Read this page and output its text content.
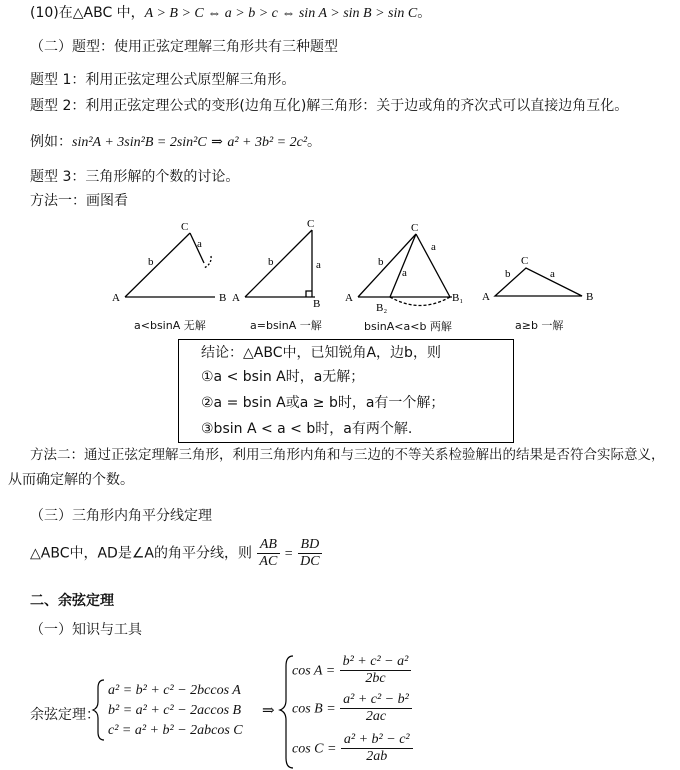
(10)在△ABC 中，A > B > C ⇔ a > b > c ⇔ sin A > sin B > sin C。
（二）题型：使用正弦定理解三角形共有三种题型
题型 1：利用正弦定理公式原型解三角形。
题型 2：利用正弦定理公式的变形(边角互化)解三角形：关于边或角的齐次式可以直接边角互化。
例如：sin²A + 3sin²B = 2sin²C ⇒ a² + 3b² = 2c²。
题型 3：三角形解的个数的讨论。
方法一：画图看
A	B
C
b
a
A	B
C
b	a
A
C
b
a
a
B₂
B₁ A	B
C
b	a
a<bsinA 无解	a=bsinA 一解	bsinA<a<b 两解	a≥b 一解
结论：△ABC中，已知锐角A，边b，则
①a < bsin A时，a无解；
②a = bsin A或a ≥ b时，a有一个解；
③bsin A < a < b时，a有两个解.
方法二：通过正弦定理解三角形，利用三角形内角和与三边的不等关系检验解出的结果是否符合实际意义，
从而确定解的个数。
（三）三角形内角平分线定理
△ABC中，AD是∠A的角平分线，则 $\frac{AB}{AC} = \frac{BD}{DC}$
二、余弦定理
（一）知识与工具
余弦定理：
a² = b² + c² − 2bccos A
b² = a² + c² − 2accos B
c² = a² + b² − 2abcos C
⇒
$\cos A = \frac{\text{b² + c² − a²}}{2bc}$
$\cos B = \frac{\text{a² + c² − b²}}{2ac}$
$\cos C = \frac{\text{a² + b² − c²}}{2ab}$
